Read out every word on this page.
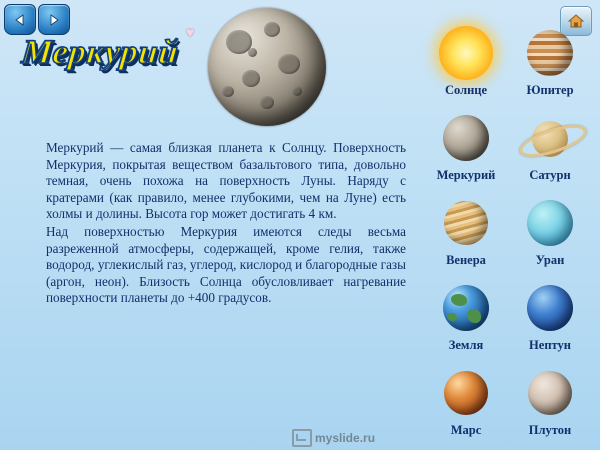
Меркурий
♥

Меркурий — самая близкая планета к Солнцу. Поверхность Меркурия, покрытая веществом базальтового типа, довольно темная, очень похожа на поверхность Луны. Наряду с кратерами (как правило, менее глубокими, чем на Луне) есть холмы и долины. Высота гор может достигать 4 км.

Над поверхностью Меркурия имеются следы весьма разреженной атмосферы, содержащей, кроме гелия, также водород, углекислый газ, углерод, кислород и благородные газы (аргон, неон). Близость Солнца обусловливает нагревание поверхности планеты до +400 градусов.

Солнце	Юпитер
Меркурий	Сатурн
Венера	Уран
Земля	Нептун
Марс	Плутон
myslide.ru
